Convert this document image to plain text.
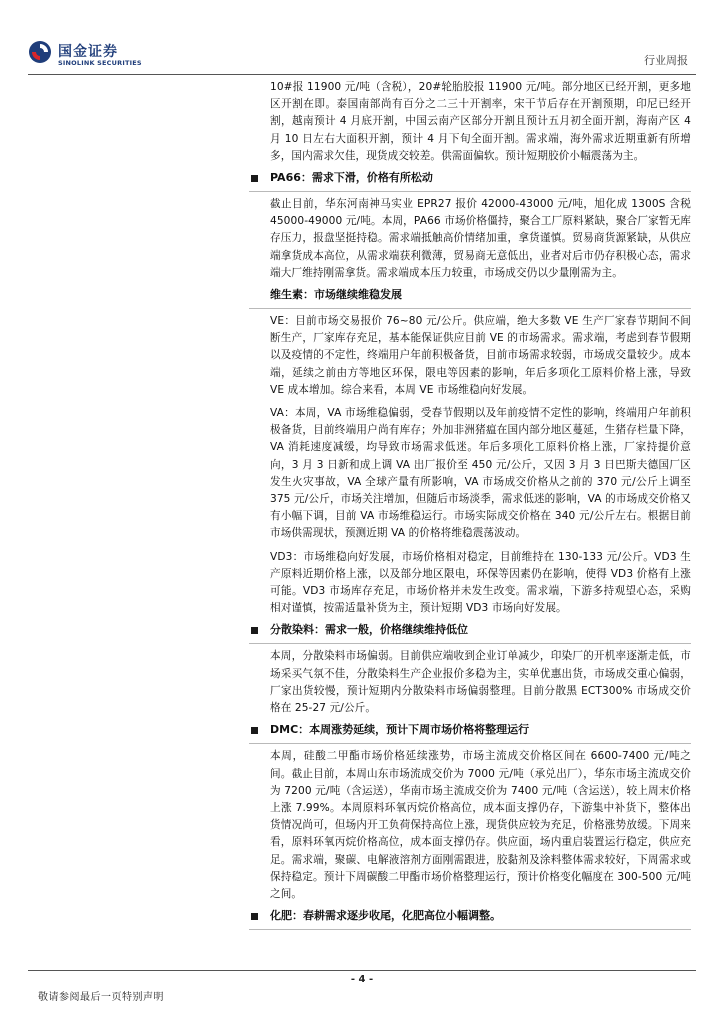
国金证券
SINOLINK SECURITIES	行业周报

10#报 11900 元/吨（含税），20#轮胎胶报 11900 元/吨。部分地区已经开割，更多地区开割在即。泰国南部尚有百分之二三十开割率，宋干节后存在开割预期，印尼已经开割，越南预计 4 月底开割，中国云南产区部分开割且预计五月初全面开割，海南产区 4 月 10 日左右大面积开割，预计 4 月下旬全面开割。需求端，海外需求近期重新有所增多，国内需求欠佳，现货成交较差。供需面偏软。预计短期胶价小幅震荡为主。

PA66：需求下滑，价格有所松动

截止目前，华东河南神马实业 EPR27 报价 42000-43000 元/吨，旭化成 1300S 含税 45000-49000 元/吨。本周，PA66 市场价格僵持，聚合工厂原料紧缺，聚合厂家暂无库存压力，报盘坚挺持稳。需求端抵触高价情绪加重，拿货谨慎。贸易商货源紧缺，从供应端拿货成本高位，从需求端获利微薄，贸易商无意低出，业者对后市仍存积极心态，需求端大厂维持刚需拿货。需求端成本压力较重，市场成交仍以少量刚需为主。

维生素：市场继续维稳发展

VE：目前市场交易报价 76~80 元/公斤。供应端，绝大多数 VE 生产厂家春节期间不间断生产，厂家库存充足，基本能保证供应目前 VE 的市场需求。需求端，考虑到春节假期以及疫情的不定性，终端用户年前积极备货，目前市场需求较弱，市场成交量较少。成本端，延续之前由方等地区环保，限电等因素的影响，年后多项化工原料价格上涨，导致 VE 成本增加。综合来看，本周 VE 市场维稳向好发展。

VA：本周，VA 市场维稳偏弱，受春节假期以及年前疫情不定性的影响，终端用户年前积极备货，目前终端用户尚有库存；外加非洲猪瘟在国内部分地区蔓延，生猪存栏量下降，VA 消耗速度减缓，均导致市场需求低迷。年后多项化工原料价格上涨，厂家持提价意向，3 月 3 日新和成上调 VA 出厂报价至 450 元/公斤，又因 3 月 3 日巴斯夫德国厂区发生火灾事故，VA 全球产量有所影响，VA 市场成交价格从之前的 370 元/公斤上调至 375 元/公斤，市场关注增加，但随后市场淡季，需求低迷的影响，VA 的市场成交价格又有小幅下调，目前 VA 市场维稳运行。市场实际成交价格在 340 元/公斤左右。根据目前市场供需现状，预测近期 VA 的价格将维稳震荡波动。

VD3：市场维稳向好发展，市场价格相对稳定，目前维持在 130-133 元/公斤。VD3 生产原料近期价格上涨，以及部分地区限电，环保等因素仍在影响，使得 VD3 价格有上涨可能。VD3 市场库存充足，市场价格并未发生改变。需求端，下游多持观望心态，采购相对谨慎，按需适量补货为主，预计短期 VD3 市场向好发展。

分散染料：需求一般，价格继续维持低位

本周，分散染料市场偏弱。目前供应端收到企业订单减少，印染厂的开机率逐渐走低，市场采买气氛不佳，分散染料生产企业报价多稳为主，实单优惠出货，市场成交重心偏弱，厂家出货较慢，预计短期内分散染料市场偏弱整理。目前分散黑 ECT300% 市场成交价格在 25-27 元/公斤。

DMC：本周涨势延续，预计下周市场价格将整理运行

本周，硅酸二甲酯市场价格延续涨势，市场主流成交价格区间在 6600-7400 元/吨之间。截止目前，本周山东市场流成交价为 7000 元/吨（承兑出厂），华东市场主流成交价为 7200 元/吨（含运送），华南市场主流成交价为 7400 元/吨（含运送），较上周末价格上涨 7.99%。本周原料环氧丙烷价格高位，成本面支撑仍存，下游集中补货下，整体出货情况尚可，但场内开工负荷保持高位上涨，现货供应较为充足，价格涨势放缓。下周来看，原料环氧丙烷价格高位，成本面支撑仍存。供应面，场内重启装置运行稳定，供应充足。需求端，聚碳、电解液溶剂方面刚需跟进，胶黏剂及涂料整体需求较好，下周需求或保持稳定。预计下周碳酸二甲酯市场价格整理运行，预计价格变化幅度在 300-500 元/吨之间。

化肥：春耕需求逐步收尾，化肥高位小幅调整。
- 4 -
敬请参阅最后一页特别声明
